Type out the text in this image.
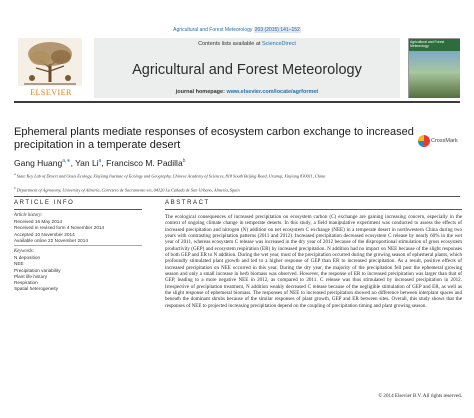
Agricultural and Forest Meteorology 203 (2015) 141–152
ELSEVIER
Contents lists available at ScienceDirect
Agricultural and Forest Meteorology
journal homepage: www.elsevier.com/locate/agrformet
Agricultural and Forest Meteorology
Ephemeral plants mediate responses of ecosystem carbon exchange to increased precipitation in a temperate desert	CrossMark
Gang Huang$^{a,∗}$, Yan Li$^a$, Francisco M. Padilla$^b$
$^a$ State Key Lab of Desert and Oasis Ecology, Xinjiang Institute of Ecology and Geography, Chinese Academy of Sciences, 818 South Beijing Road, Urumqi, Xinjiang 830011, China
$^b$ Department of Agronomy, University of Almería, Carretera de Sacramento s/n, 04120 La Cañada de San Urbano, Almería, Spain
ARTICLE INFO	ABSTRACT
Article history:
Received 16 May 2014
Received in revised form 4 November 2014
Accepted 10 November 2014
Available online 22 November 2014
Keywords:
N deposition
NEE
Precipitation variability
Plant life history
Respiration
Spatial heterogeneity
The ecological consequences of increased precipitation on ecosystem carbon (C) exchange are gaining increasing concern, especially in the context of ongoing climate change in temperate deserts. In this study, a field manipulative experiment was conducted to assess the effects of increased precipitation and nitrogen (N) addition on net ecosystem C exchange (NEE) in a temperate desert in northwestern China during two years with contrasting precipitation patterns (2011 and 2012). Increased precipitation decreased ecosystem C release by nearly 60% in the wet year of 2011, whereas ecosystem C release was increased in the dry year of 2012 because of the disproportional stimulation of gross ecosystem productivity (GEP) and ecosystem respiration (ER) by increased precipitation. N addition had no impact on NEE because of the slight responses of both GEP and ER to N addition. During the wet year, most of the precipitation occurred during the growing season of ephemeral plants, which profoundly stimulated plant growth and led to a higher response of GEP than ER to increased precipitation. As a result, positive effects of increased precipitation on NEE occurred in this year. During the dry year, the majority of the precipitation fell post the ephemeral growing season and only a small increase in herb biomass was observed. However, the response of ER to increased precipitation was larger than that of GEP, leading to a more negative NEE in 2012, as compared to 2011. C release was thus stimulated by increased precipitation in 2012. Irrespective of precipitation treatment, N addition weakly decreased C release because of the negligible stimulation of GEP and ER, as well as the slight response of ephemeral biomass. The responses of NEE to increased precipitation showed no difference between interplant spaces and beneath the dominant shrubs because of the similar responses of plant growth, GEP and ER between sites. Overall, this study shows that the responses of NEE to projected increasing precipitation depend on the coupling of precipitation timing and plant growing season.
© 2014 Elsevier B.V. All rights reserved.
